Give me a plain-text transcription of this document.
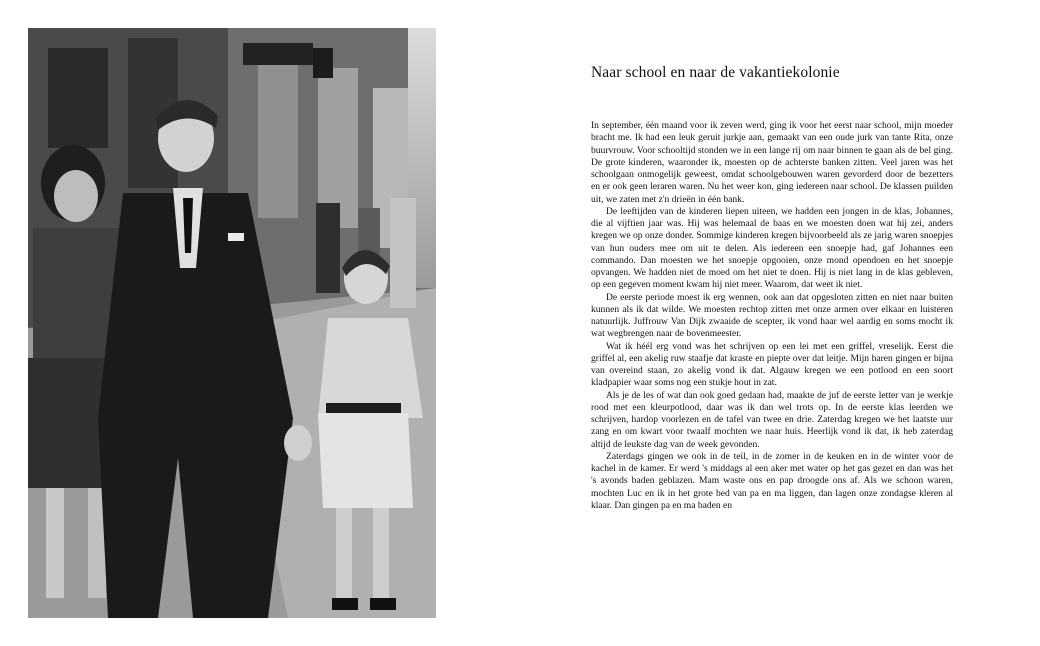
Naar school en naar de vakantiekolonie

In september, één maand voor ik zeven werd, ging ik voor het eerst naar school, mijn moeder bracht me. Ik had een leuk geruit jurkje aan, gemaakt van een oude jurk van tante Rita, onze buurvrouw. Voor schooltijd stonden we in een lange rij om naar binnen te gaan als de bel ging. De grote kinderen, waaronder ik, moesten op de achterste banken zitten. Veel jaren was het schoolgaan onmogelijk geweest, omdat schoolgebouwen waren gevorderd door de bezetters en er ook geen leraren waren. Nu het weer kon, ging iedereen naar school. De klassen puilden uit, we zaten met z'n drieën in één bank.

De leeftijden van de kinderen liepen uiteen, we hadden een jongen in de klas, Johannes, die al vijftien jaar was. Hij was helemaal de baas en we moesten doen wat hij zei, anders kregen we op onze donder. Sommige kinderen kregen bijvoorbeeld als ze jarig waren snoepjes van hun ouders mee om uit te delen. Als iedereen een snoepje had, gaf Johannes een commando. Dan moesten we het snoepje opgooien, onze mond opendoen en het snoepje opvangen. We hadden niet de moed om het niet te doen. Hij is niet lang in de klas gebleven, op een gegeven moment kwam hij niet meer. Waarom, dat weet ik niet.

De eerste periode moest ik erg wennen, ook aan dat opgesloten zitten en niet naar buiten kunnen als ik dat wilde. We moesten rechtop zitten met onze armen over elkaar en luisteren natuurlijk. Juffrouw Van Dijk zwaaide de scepter, ik vond haar wel aardig en soms mocht ik wat wegbrengen naar de bovenmeester.

Wat ik héél erg vond was het schrijven op een lei met een griffel, vreselijk. Eerst die griffel al, een akelig ruw staafje dat kraste en piepte over dat leitje. Mijn haren gingen er bijna van overeind staan, zo akelig vond ik dat. Algauw kregen we een potlood en een soort kladpapier waar soms nog een stukje hout in zat.

Als je de les of wat dan ook goed gedaan had, maakte de juf de eerste letter van je werkje rood met een kleurpotlood, daar was ik dan wel trots op. In de eerste klas leerden we schrijven, hardop voorlezen en de tafel van twee en drie. Zaterdag kregen we het laatste uur zang en om kwart voor twaalf mochten we naar huis. Heerlijk vond ik dat, ik heb zaterdag altijd de leukste dag van de week gevonden.

Zaterdags gingen we ook in de teil, in de zomer in de keuken en in de winter voor de kachel in de kamer. Er werd 's middags al een aker met water op het gas gezet en dan was het 's avonds baden geblazen. Mam waste ons en pap droogde ons af. Als we schoon waren, mochten Luc en ik in het grote bed van pa en ma liggen, dan lagen onze zondagse kleren al klaar. Dan gingen pa en ma baden en
